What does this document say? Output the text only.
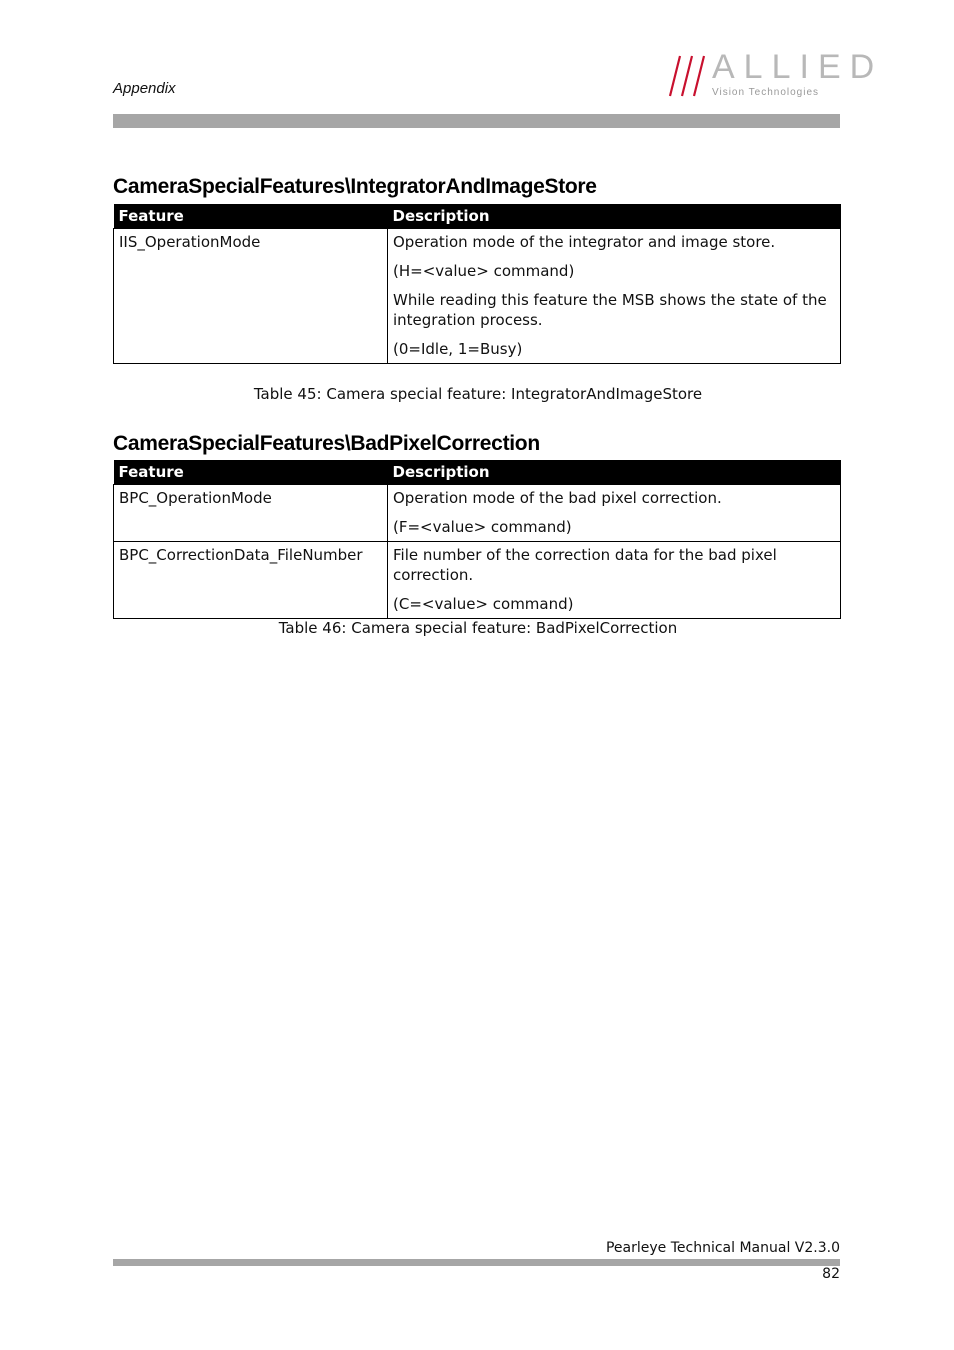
Appendix
ALLIED
Vision Technologies
CameraSpecialFeatures\IntegratorAndImageStore
Feature	Description
IIS_OperationMode	Operation mode of the integrator and image store.

(H=<value> command)

While reading this feature the MSB shows the state of the integration process.

(0=Idle, 1=Busy)

Table 45: Camera special feature: IntegratorAndImageStore
CameraSpecialFeatures\BadPixelCorrection
Feature	Description
BPC_OperationMode	Operation mode of the bad pixel correction.

(F=<value> command)

BPC_CorrectionData_FileNumber	File number of the correction data for the bad pixel correction.

(C=<value> command)

Table 46: Camera special feature: BadPixelCorrection
Pearleye Technical Manual V2.3.0
82
